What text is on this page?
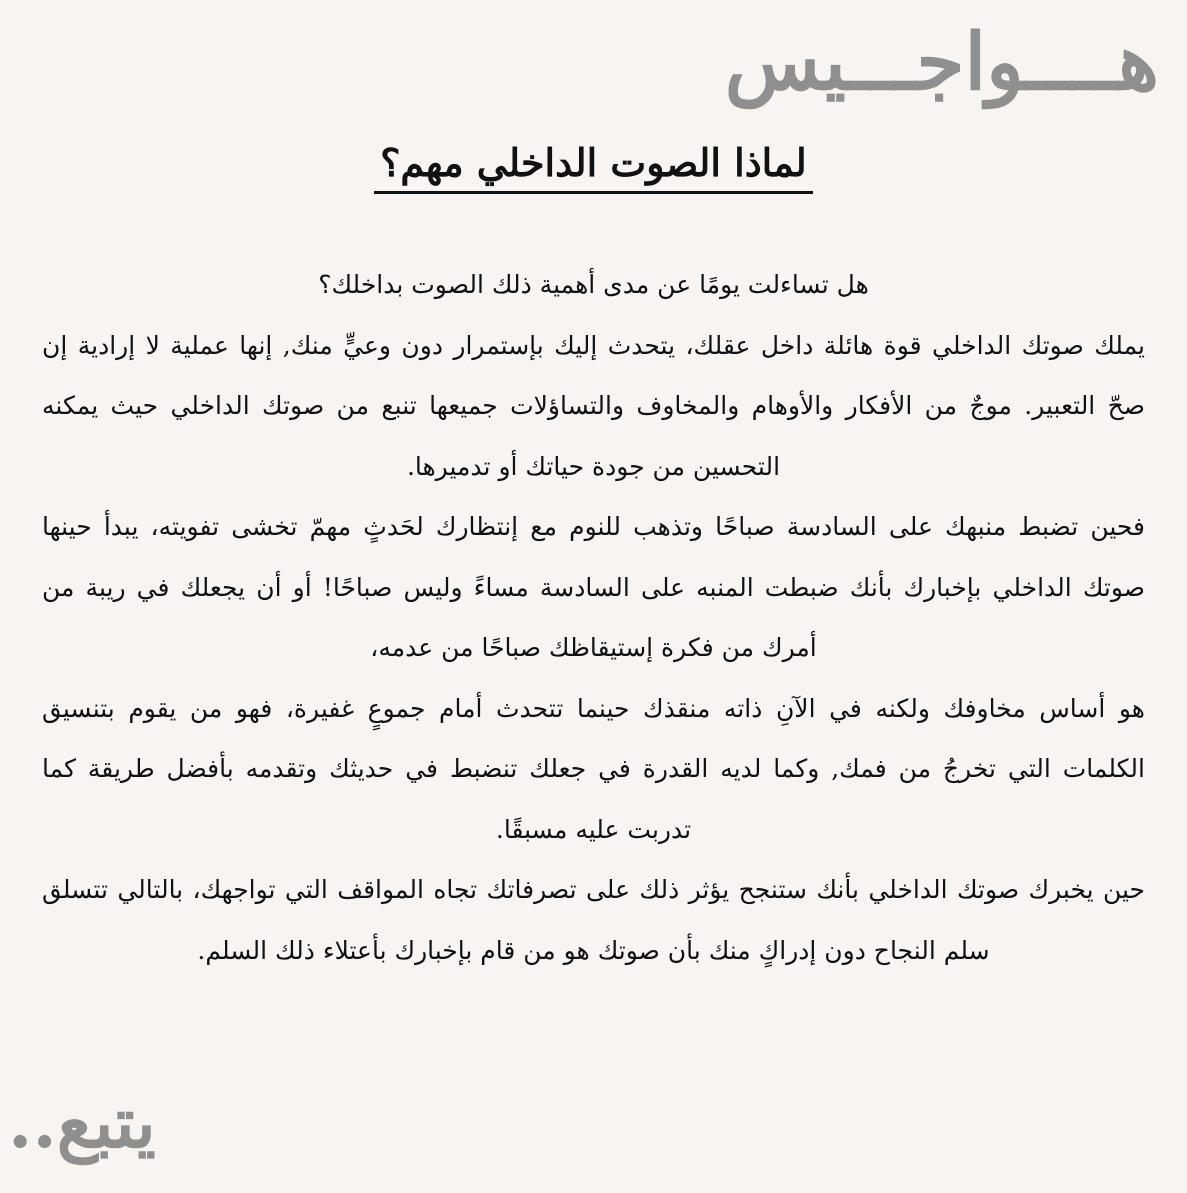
هــــواجـــيس
لماذا الصوت الداخلي مهم؟

هل تساءلت يومًا عن مدى أهمية ذلك الصوت بداخلك؟

يملك صوتك الداخلي قوة هائلة داخل عقلك، يتحدث إليك بإستمرار دون وعيٍّ منك, إنها عملية لا إرادية إن صحّ التعبير. موجٌ من الأفكار والأوهام والمخاوف والتساؤلات جميعها تنبع من صوتك الداخلي حيث يمكنه التحسين من جودة حياتك أو تدميرها.

فحين تضبط منبهك على السادسة صباحًا وتذهب للنوم مع إنتظارك لحَدثٍ مهمّ تخشى تفويته، يبدأ حينها صوتك الداخلي بإخبارك بأنك ضبطت المنبه على السادسة مساءً وليس صباحًا! أو أن يجعلك في ريبة من أمرك من فكرة إستيقاظك صباحًا من عدمه،

هو أساس مخاوفك ولكنه في الآنِ ذاته منقذك حينما تتحدث أمام جموعٍ غفيرة، فهو من يقوم بتنسيق الكلمات التي تخرجُ من فمك, وكما لديه القدرة في جعلك تنضبط في حديثك وتقدمه بأفضل طريقة كما تدربت عليه مسبقًا.

حين يخبرك صوتك الداخلي بأنك ستنجح يؤثر ذلك على تصرفاتك تجاه المواقف التي تواجهك، بالتالي تتسلق سلم النجاح دون إدراكٍ منك بأن صوتك هو من قام بإخبارك بأعتلاء ذلك السلم.

يتبع..
